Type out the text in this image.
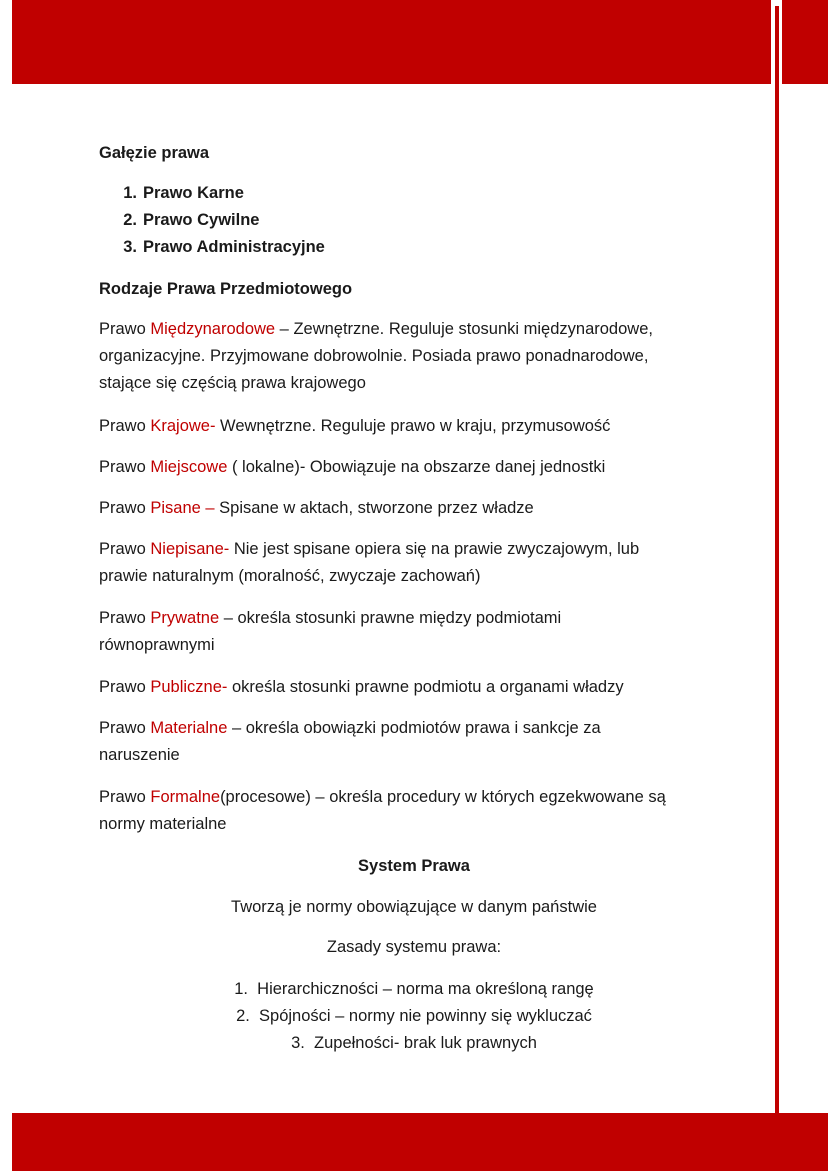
Gałęzie prawa
1. Prawo Karne
2. Prawo Cywilne
3. Prawo Administracyjne
Rodzaje Prawa Przedmiotowego
Prawo Międzynarodowe – Zewnętrzne. Reguluje stosunki międzynarodowe,
organizacyjne. Przyjmowane dobrowolnie. Posiada prawo ponadnarodowe,
stające się częścią prawa krajowego
Prawo Krajowe- Wewnętrzne. Reguluje prawo w kraju, przymusowość
Prawo Miejscowe ( lokalne)- Obowiązuje na obszarze danej jednostki
Prawo Pisane – Spisane w aktach, stworzone przez władze
Prawo Niepisane- Nie jest spisane opiera się na prawie zwyczajowym, lub
prawie naturalnym (moralność, zwyczaje zachowań)
Prawo Prywatne – określa stosunki prawne między podmiotami
równoprawnymi
Prawo Publiczne- określa stosunki prawne podmiotu a organami władzy
Prawo Materialne – określa obowiązki podmiotów prawa i sankcje za
naruszenie
Prawo Formalne(procesowe) – określa procedury w których egzekwowane są
normy materialne
System Prawa
Tworzą je normy obowiązujące w danym państwie
Zasady systemu prawa:
1. Hierarchiczności – norma ma określoną rangę
2. Spójności – normy nie powinny się wykluczać
3. Zupełności- brak luk prawnych
